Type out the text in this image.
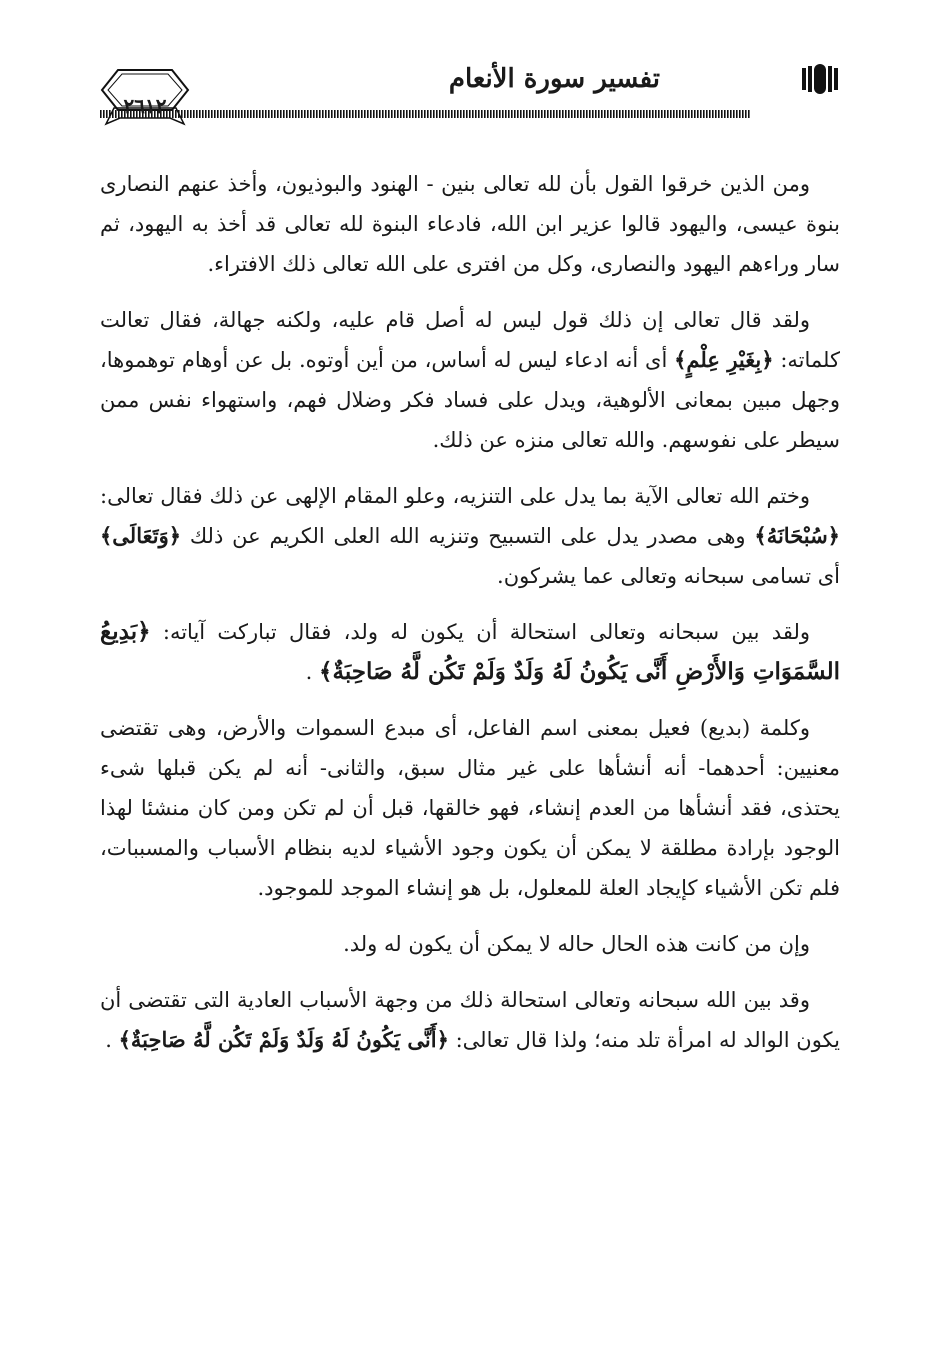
تفسير سورة الأنعام
٢٦١٢

ومن الذين خرقوا القول بأن لله تعالى بنين - الهنود والبوذيون، وأخذ عنهم النصارى بنوة عيسى، واليهود قالوا عزير ابن الله، فادعاء البنوة لله تعالى قد أخذ به اليهود، ثم سار وراءهم اليهود والنصارى، وكل من افترى على الله تعالى ذلك الافتراء.

ولقد قال تعالى إن ذلك قول ليس له أصل قام عليه، ولكنه جهالة، فقال تعالت كلماته: ﴿بِغَيْرِ عِلْمٍ﴾ أى أنه ادعاء ليس له أساس، من أين أوتوه. بل عن أوهام توهموها، وجهل مبين بمعانى الألوهية، ويدل على فساد فكر وضلال فهم، واستهواء نفس ممن سيطر على نفوسهم. والله تعالى منزه عن ذلك.

وختم الله تعالى الآية بما يدل على التنزيه، وعلو المقام الإلهى عن ذلك فقال تعالى: ﴿سُبْحَانَهُ﴾ وهى مصدر يدل على التسبيح وتنزيه الله العلى الكريم عن ذلك ﴿وَتَعَالَى﴾ أى تسامى سبحانه وتعالى عما يشركون.

ولقد بين سبحانه وتعالى استحالة أن يكون له ولد، فقال تباركت آياته: ﴿بَدِيعُ السَّمَوَاتِ وَالأَرْضِ أَنَّى يَكُونُ لَهُ وَلَدٌ وَلَمْ تَكُن لَّهُ صَاحِبَةٌ﴾ .

وكلمة (بديع) فعيل بمعنى اسم الفاعل، أى مبدع السموات والأرض، وهى تقتضى معنيين: أحدهما- أنه أنشأها على غير مثال سبق، والثانى- أنه لم يكن قبلها شىء يحتذى، فقد أنشأها من العدم إنشاء، فهو خالقها، قبل أن لم تكن ومن كان منشئا لهذا الوجود بإرادة مطلقة لا يمكن أن يكون وجود الأشياء لديه بنظام الأسباب والمسببات، فلم تكن الأشياء كإيجاد العلة للمعلول، بل هو إنشاء الموجد للموجود.

وإن من كانت هذه الحال حاله لا يمكن أن يكون له ولد.

وقد بين الله سبحانه وتعالى استحالة ذلك من وجهة الأسباب العادية التى تقتضى أن يكون الوالد له امرأة تلد منه؛ ولذا قال تعالى: ﴿أَنَّى يَكُونُ لَهُ وَلَدٌ وَلَمْ تَكُن لَّهُ صَاحِبَةٌ﴾ .
